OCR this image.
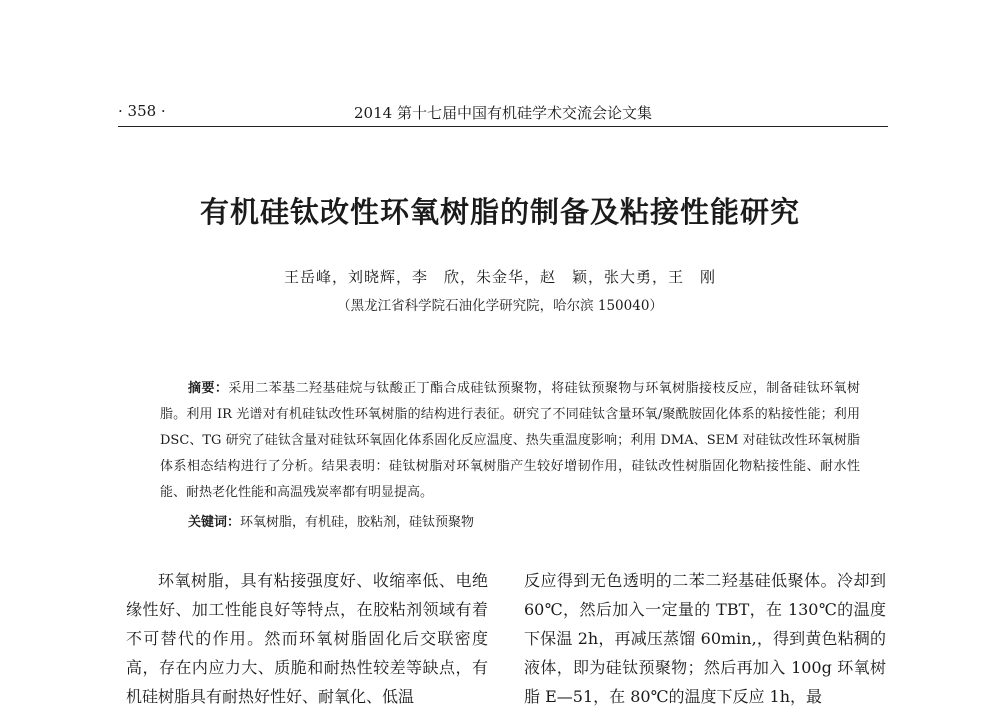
· 358 ·	2014 第十七届中国有机硅学术交流会论文集
有机硅钛改性环氧树脂的制备及粘接性能研究
王岳峰，刘晓辉，李　欣，朱金华，赵　颖，张大勇，王　刚
（黑龙江省科学院石油化学研究院，哈尔滨 150040）
摘要：采用二苯基二羟基硅烷与钛酸正丁酯合成硅钛预聚物，将硅钛预聚物与环氧树脂接枝反应，制备硅钛环氧树脂。利用 IR 光谱对有机硅钛改性环氧树脂的结构进行表征。研究了不同硅钛含量环氧/聚酰胺固化体系的粘接性能；利用 DSC、TG 研究了硅钛含量对硅钛环氧固化体系固化反应温度、热失重温度影响；利用 DMA、SEM 对硅钛改性环氧树脂体系相态结构进行了分析。结果表明：硅钛树脂对环氧树脂产生较好增韧作用，硅钛改性树脂固化物粘接性能、耐水性能、耐热老化性能和高温残炭率都有明显提高。
关键词：环氧树脂，有机硅，胶粘剂，硅钛预聚物
环氧树脂，具有粘接强度好、收缩率低、电绝缘性好、加工性能良好等特点，在胶粘剂领域有着不可替代的作用。然而环氧树脂固化后交联密度高，存在内应力大、质脆和耐热性较差等缺点，有机硅树脂具有耐热好性好、耐氧化、低温
反应得到无色透明的二苯二羟基硅低聚体。冷却到 60℃，然后加入一定量的 TBT，在 130℃的温度下保温 2h，再减压蒸馏 60min,，得到黄色粘稠的液体，即为硅钛预聚物；然后再加入 100g 环氧树脂 E—51，在 80℃的温度下反应 1h，最
